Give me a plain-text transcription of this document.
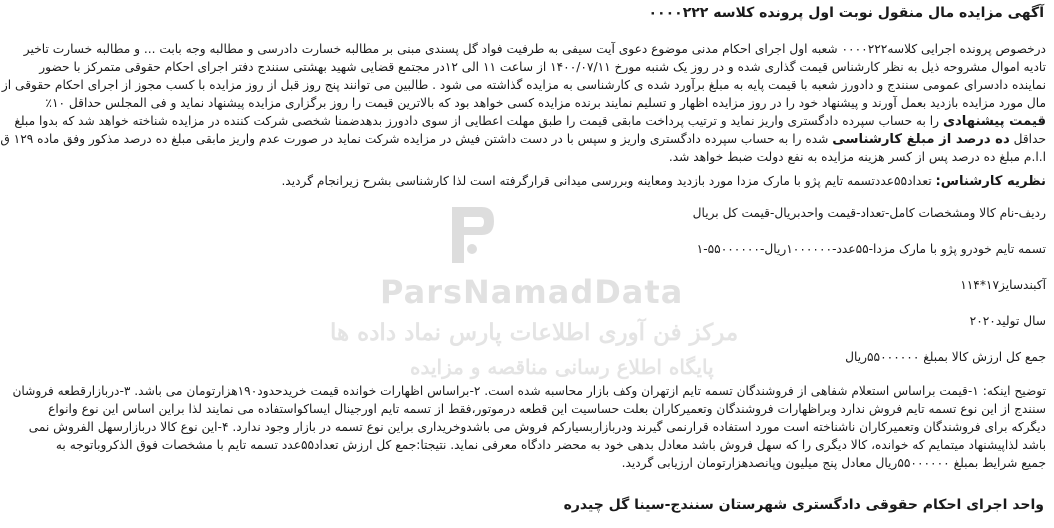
ParsNamadData
مرکز فن آوری اطلاعات پارس نماد داده ها
پایگاه اطلاع رسانی مناقصه و مزایده
آگهی مزایده مال منقول نوبت اول پرونده کلاسه ۰۰۰۰۲۲۲
درخصوص پرونده اجرایی کلاسه۰۰۰۰۲۲۲ شعبه اول اجرای احکام مدنی موضوع دعوی آیت سیفی به طرفیت فواد گل پسندی مبنی بر مطالبه خسارت دادرسی و مطالبه وجه بابت ... و مطالبه خسارت تاخیر
تادیه اموال مشروحه ذیل به نظر کارشناس قیمت گذاری شده و در روز یک شنبه مورخ ۱۴۰۰/۰۷/۱۱ از ساعت ۱۱ الی ۱۲در مجتمع قضایی شهید بهشتی سنندج دفتر اجرای احکام حقوقی متمرکز با حضور
نماینده دادسرای عمومی سنندج و دادورز شعبه با قیمت پایه به مبلغ برآورد شده ی کارشناسی به مزایده گذاشته می شود . طالبین می توانند پنج روز قبل از روز مزایده با کسب مجوز از اجرای احکام حقوقی از
مال مورد مزایده بازدید بعمل آورند و پیشنهاد خود را در روز مزایده اظهار و تسلیم نمایند برنده مزایده کسی خواهد بود که بالاترین قیمت را روز برگزاری مزایده پیشنهاد نماید و فی المجلس حداقل ۱۰٪
قیمت پیشنهادی را به حساب سپرده دادگستری واریز نماید و ترتیب پرداخت مابقی قیمت را طبق مهلت اعطایی از سوی دادورز بدهدضمنا شخصی شرکت کننده در مزایده شناخته خواهد شد که بدوا مبلغ
حداقل ده درصد از مبلغ کارشناسی شده را به حساب سپرده دادگستری واریز و سپس با در دست داشتن فیش در مزایده شرکت نماید در صورت عدم واریز مابقی مبلغ ده درصد مذکور وفق ماده ۱۲۹ ق
ا.ا.م مبلغ ده درصد پس از کسر هزینه مزایده به نفع دولت ضبط خواهد شد.
نظریه کارشناس: تعداد۵۵عددتسمه تایم پژو با مارک مزدا مورد بازدید ومعاینه وبررسی میدانی قرارگرفته است لذا کارشناسی بشرح زیرانجام گردید.
ردیف-نام کالا ومشخصات کامل-تعداد-قیمت واحدبریال-قیمت کل بریال
تسمه تایم خودرو پژو با مارک مزدا-۵۵عدد-۱۰۰۰۰۰۰ریال-۵۵۰۰۰۰۰۰-۱
آکبندسایز۱۷*۱۱۴
سال تولید۲۰۲۰
جمع کل ارزش کالا بمبلغ ۵۵۰۰۰۰۰۰ریال
توضیح اینکه: ۱-قیمت براساس استعلام شفاهی از فروشندگان تسمه تایم ازتهران وکف بازار محاسبه شده است. ۲-براساس اظهارات خوانده قیمت خریدحدود۱۹۰هزارتومان می باشد. ۳-دربازارقطعه فروشان
سنندج از این نوع تسمه تایم فروش ندارد وبراظهارات فروشندگان وتعمیرکاران بعلت حساسیت این قطعه درموتور،فقط از تسمه تایم اورجینال ایساکواستفاده می نمایند لذا براین اساس این نوع وانواع
دیگرکه برای فروشندگان وتعمیرکاران ناشناخته است مورد استفاده قرارنمی گیرند ودربازاربسیارکم فروش می باشدوخریداری براین نوع تسمه در بازار وجود ندارد. ۴-این نوع کالا دربازارسهل الفروش نمی
باشد لذاپیشنهاد میتمایم که خوانده، کالا دیگری را که سهل فروش باشد معادل بدهی خود به محضر دادگاه معرفی نماید. نتیجتا:جمع کل ارزش تعداد۵۵عدد تسمه تایم با مشخصات فوق الذکروباتوجه به
جمیع شرایط بمبلغ ۵۵۰۰۰۰۰۰ریال معادل پنج میلیون وپانصدهزارتومان ارزیابی گردید.
واحد اجرای احکام حقوقی دادگستری شهرستان سنندج-سینا گل چیدره
